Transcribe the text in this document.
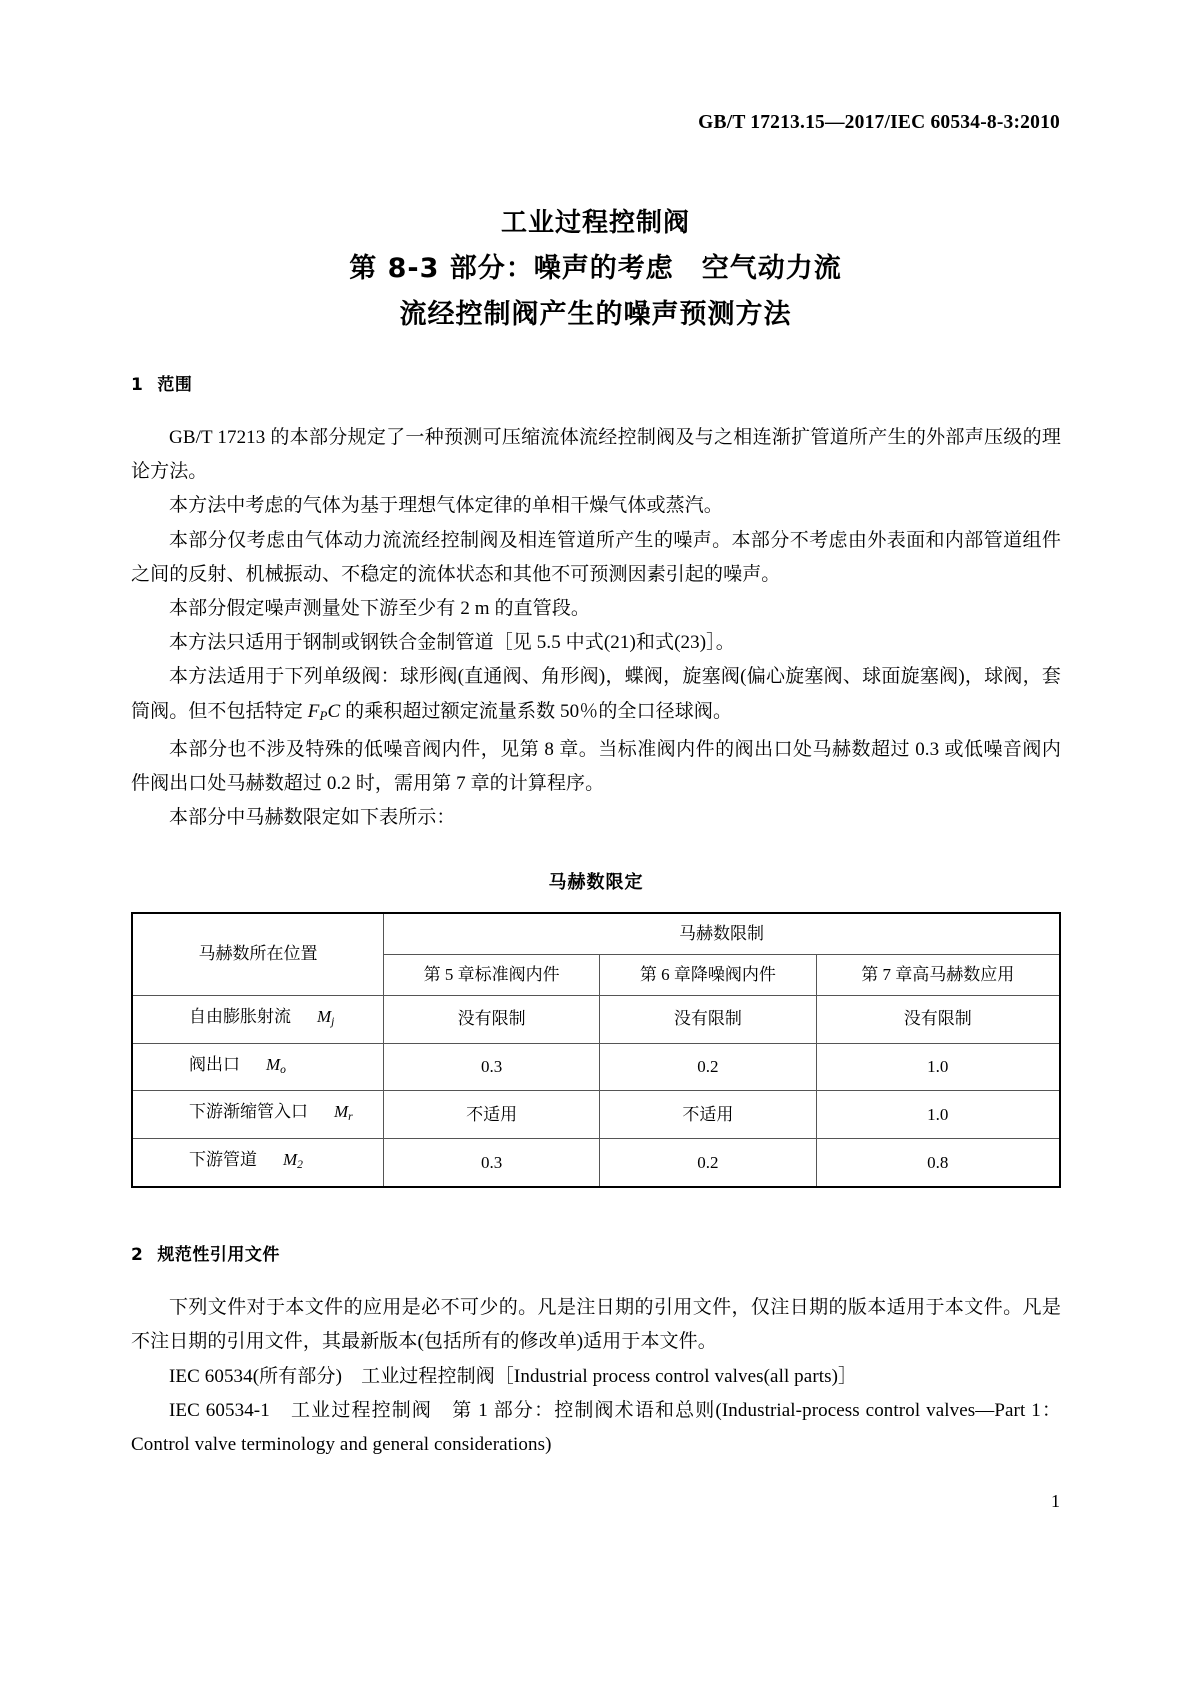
GB/T 17213.15—2017/IEC 60534-8-3:2010
工业过程控制阀
第 8-3 部分：噪声的考虑　空气动力流
流经控制阀产生的噪声预测方法
1 范围

GB/T 17213 的本部分规定了一种预测可压缩流体流经控制阀及与之相连渐扩管道所产生的外部声压级的理论方法。

本方法中考虑的气体为基于理想气体定律的单相干燥气体或蒸汽。

本部分仅考虑由气体动力流流经控制阀及相连管道所产生的噪声。本部分不考虑由外表面和内部管道组件之间的反射、机械振动、不稳定的流体状态和其他不可预测因素引起的噪声。

本部分假定噪声测量处下游至少有 2 m 的直管段。

本方法只适用于钢制或钢铁合金制管道［见 5.5 中式(21)和式(23)］。

本方法适用于下列单级阀：球形阀(直通阀、角形阀)，蝶阀，旋塞阀(偏心旋塞阀、球面旋塞阀)，球阀，套筒阀。但不包括特定 $F_PC$ 的乘积超过额定流量系数 50％的全口径球阀。

本部分也不涉及特殊的低噪音阀内件，见第 8 章。当标准阀内件的阀出口处马赫数超过 0.3 或低噪音阀内件阀出口处马赫数超过 0.2 时，需用第 7 章的计算程序。

本部分中马赫数限定如下表所示：

马赫数限定
马赫数所在位置	马赫数限制		
	第 5 章标准阀内件	第 6 章降噪阀内件	第 7 章高马赫数应用
自由膨胀射流 $M_j$	没有限制	没有限制	没有限制
阀出口 $M_o$	0.3	0.2	1.0
下游渐缩管入口 $M_r$	不适用	不适用	1.0
下游管道 $M_2$	0.3	0.2	0.8
2 规范性引用文件

下列文件对于本文件的应用是必不可少的。凡是注日期的引用文件，仅注日期的版本适用于本文件。凡是不注日期的引用文件，其最新版本(包括所有的修改单)适用于本文件。

IEC 60534(所有部分)　工业过程控制阀［Industrial process control valves(all parts)］

IEC 60534-1　工业过程控制阀　第 1 部分：控制阀术语和总则(Industrial-process control valves—Part 1：Control valve terminology and general considerations)

1
